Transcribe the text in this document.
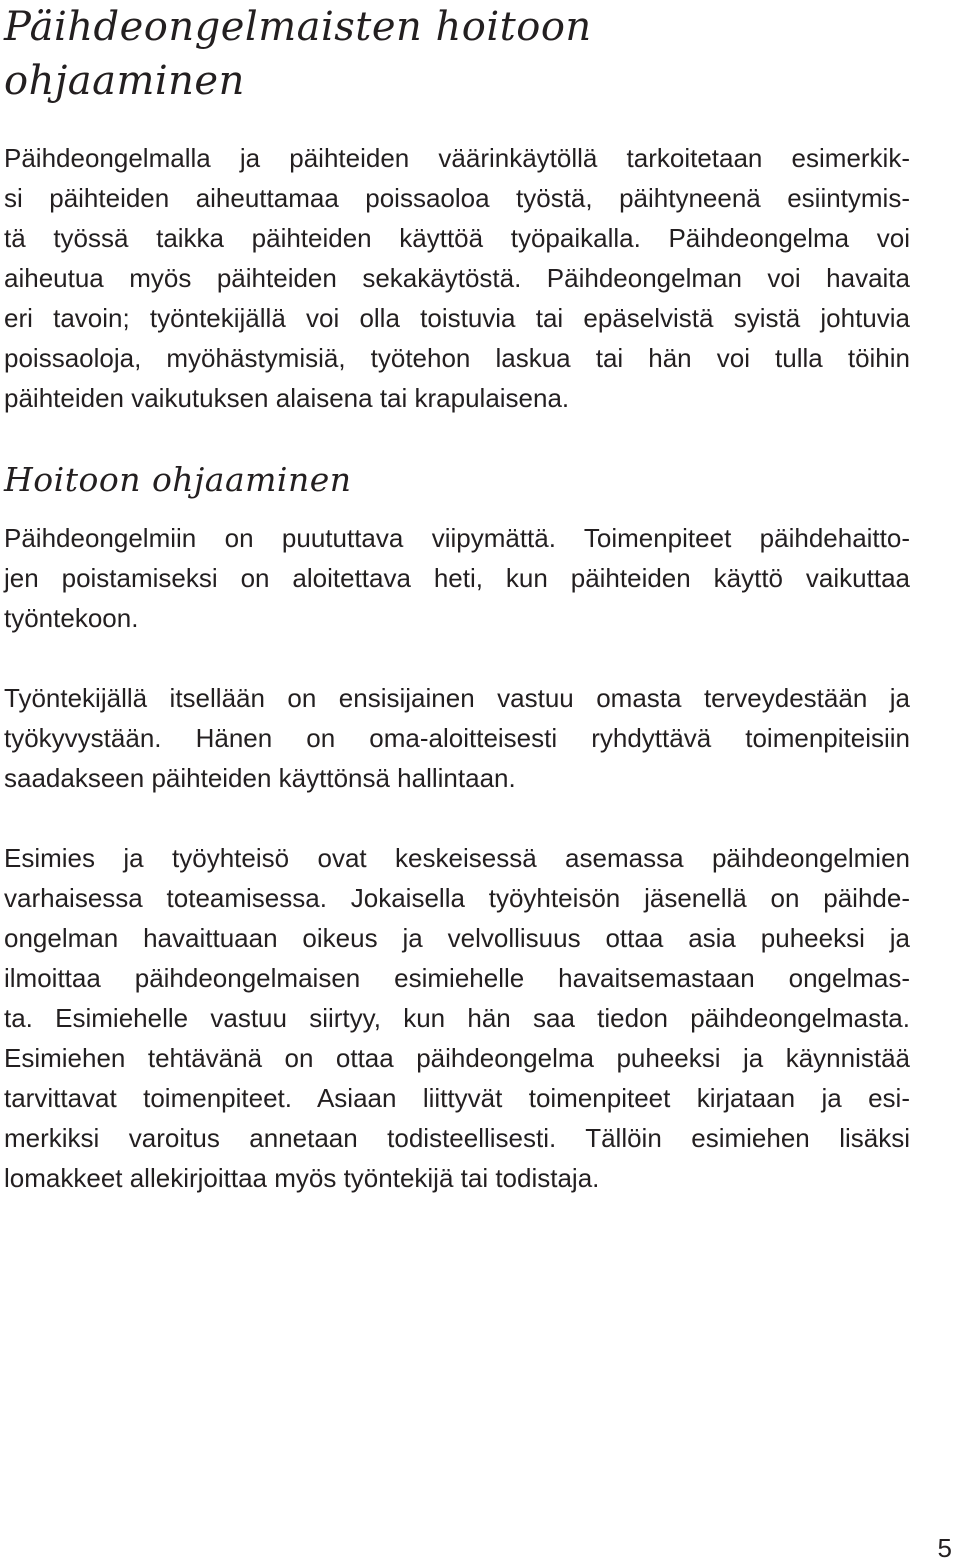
Päihdeongelmaisten hoitoon
ohjaaminen
Päihdeongelmalla ja päihteiden väärinkäytöllä tarkoitetaan esimerkik-
si päihteiden aiheuttamaa poissaoloa työstä, päihtyneenä esiintymis-
tä työssä taikka päihteiden käyttöä työpaikalla. Päihdeongelma voi
aiheutua myös päihteiden sekakäytöstä. Päihdeongelman voi havaita
eri tavoin; työntekijällä voi olla toistuvia tai epäselvistä syistä johtuvia
poissaoloja, myöhästymisiä, työtehon laskua tai hän voi tulla töihin
päihteiden vaikutuksen alaisena tai krapulaisena.
Hoitoon ohjaaminen
Päihdeongelmiin on puututtava viipymättä. Toimenpiteet päihdehaitto-
jen poistamiseksi on aloitettava heti, kun päihteiden käyttö vaikuttaa
työntekoon.
Työntekijällä itsellään on ensisijainen vastuu omasta terveydestään ja
työkyvystään. Hänen on oma-aloitteisesti ryhdyttävä toimenpiteisiin
saadakseen päihteiden käyttönsä hallintaan.
Esimies ja työyhteisö ovat keskeisessä asemassa päihdeongelmien
varhaisessa toteamisessa. Jokaisella työyhteisön jäsenellä on päihde-
ongelman havaittuaan oikeus ja velvollisuus ottaa asia puheeksi ja
ilmoittaa päihdeongelmaisen esimiehelle havaitsemastaan ongelmas-
ta. Esimiehelle vastuu siirtyy, kun hän saa tiedon päihdeongelmasta.
Esimiehen tehtävänä on ottaa päihdeongelma puheeksi ja käynnistää
tarvittavat toimenpiteet. Asiaan liittyvät toimenpiteet kirjataan ja esi-
merkiksi varoitus annetaan todisteellisesti. Tällöin esimiehen lisäksi
lomakkeet allekirjoittaa myös työntekijä tai todistaja.
5
